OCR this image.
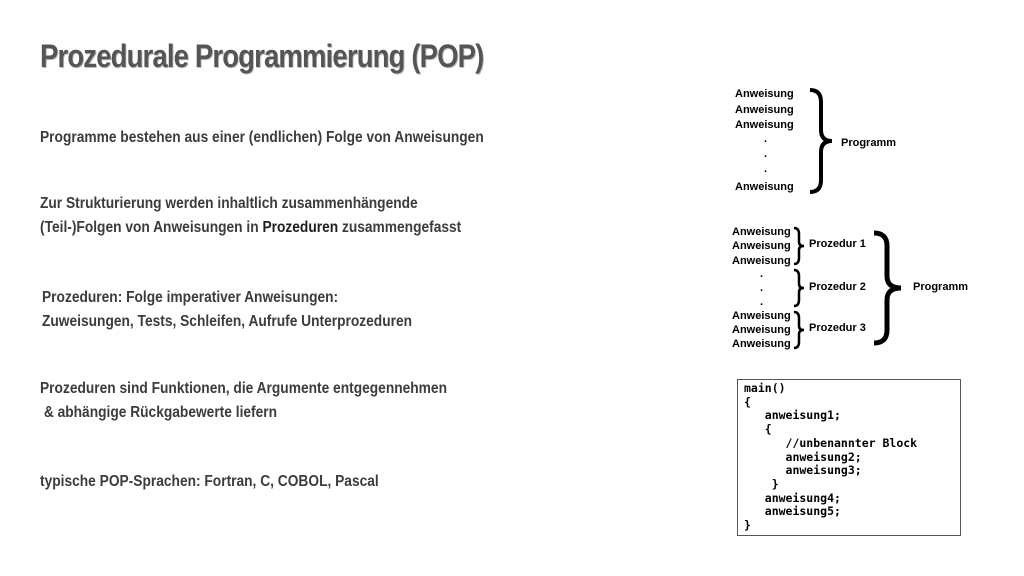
Prozedurale Programmierung (POP)
Programme bestehen aus einer (endlichen) Folge von Anweisungen
Zur Strukturierung werden inhaltlich zusammenhängende
(Teil-)Folgen von Anweisungen in Prozeduren zusammengefasst
Prozeduren: Folge imperativer Anweisungen:
Zuweisungen, Tests, Schleifen, Aufrufe Unterprozeduren
Prozeduren sind Funktionen, die Argumente entgegennehmen
& abhängige Rückgabewerte liefern
typische POP-Sprachen: Fortran, C, COBOL, Pascal
Anweisung
Anweisung
Anweisung
.
.
.
Anweisung
Programm
Anweisung
Anweisung
Anweisung
.
.
.
Anweisung
Anweisung
Anweisung
Prozedur 1
Prozedur 2
Prozedur 3
Programm
main()
{
anweisung1;
{
//unbenannter Block
anweisung2;
anweisung3;
}
anweisung4;
anweisung5;
}
